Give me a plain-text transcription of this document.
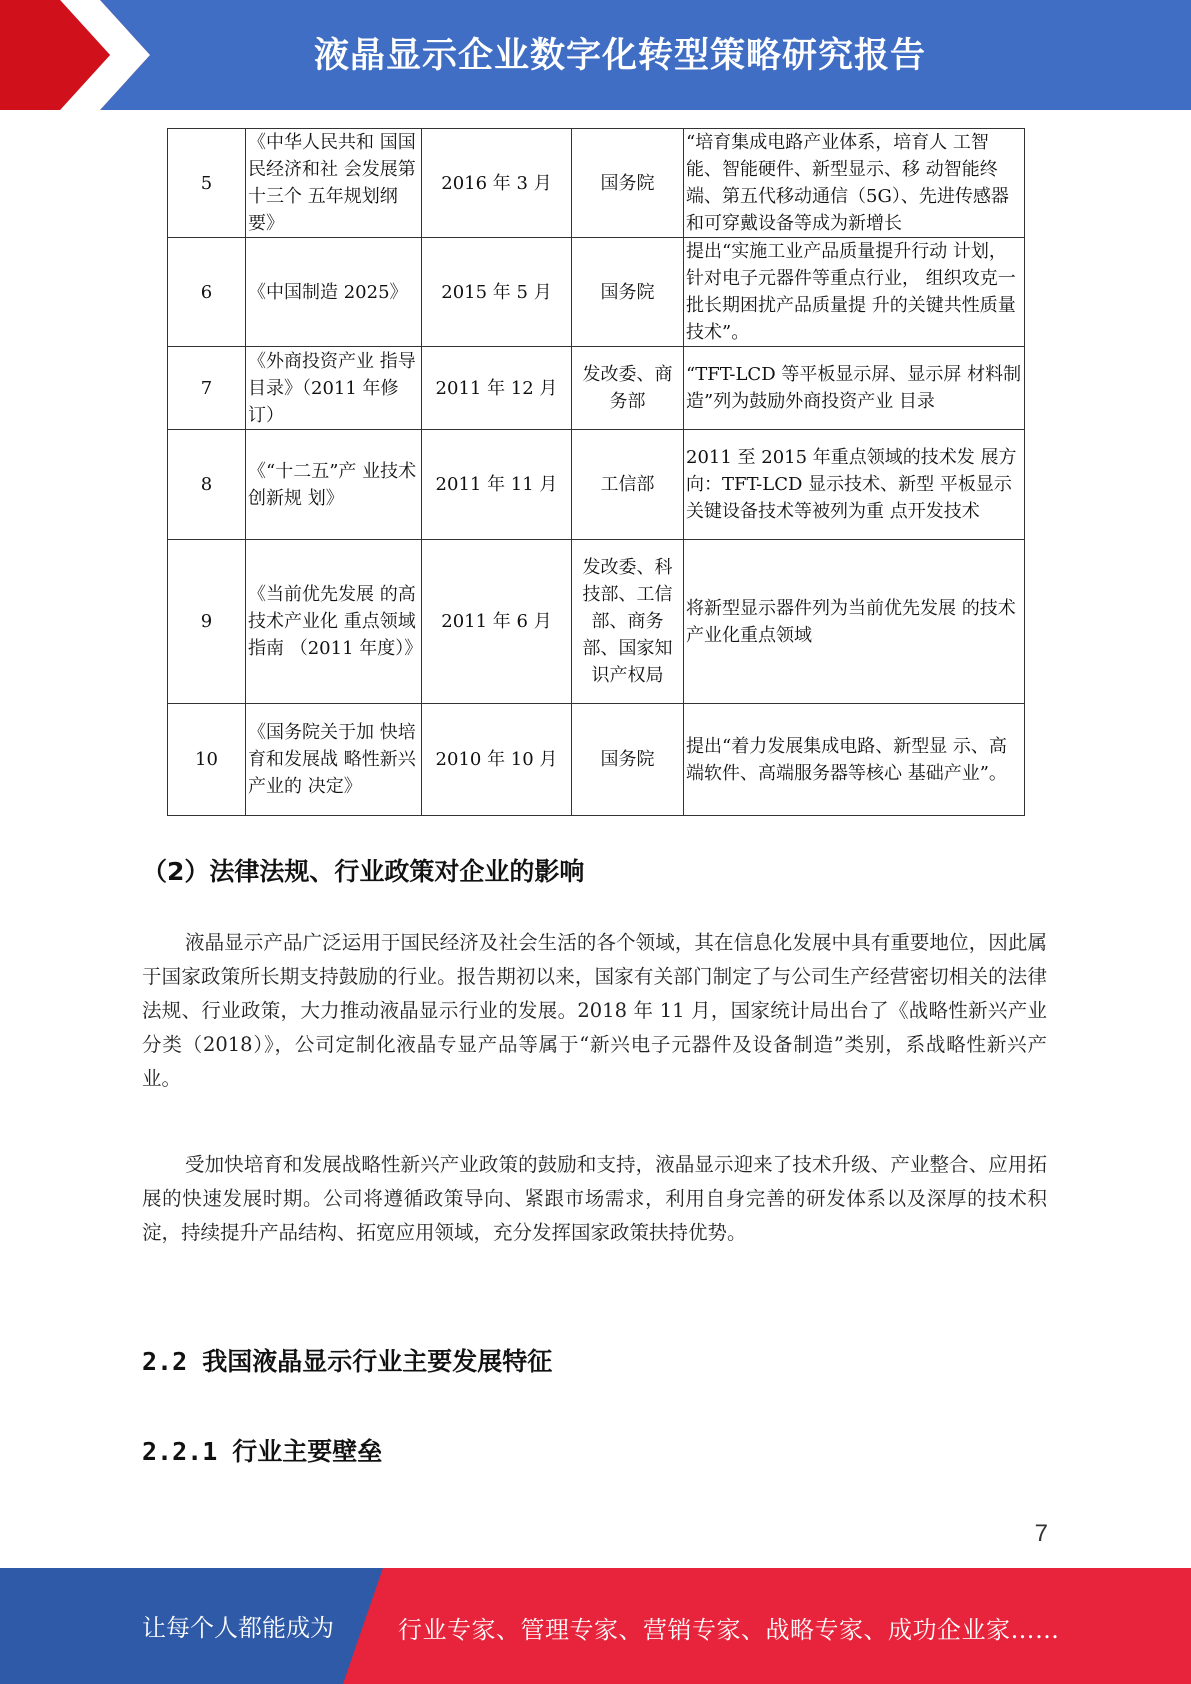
液晶显示企业数字化转型策略研究报告
5	《中华人民共和 国国民经济和社 会发展第十三个 五年规划纲要》	2016 年 3 月	国务院	“培育集成电路产业体系，培育人 工智能、智能硬件、新型显示、移 动智能终端、第五代移动通信（5G）、先进传感器和可穿戴设备等成为新增长
6	《中国制造 2025》	2015 年 5 月	国务院	提出“实施工业产品质量提升行动 计划，针对电子元器件等重点行业， 组织攻克一批长期困扰产品质量提 升的关键共性质量技术”。
7	《外商投资产业 指导目录》（2011 年修订）	2011 年 12 月	发改委、商务部	“TFT-LCD 等平板显示屏、显示屏 材料制造”列为鼓励外商投资产业 目录
8	《“十二五”产 业技术创新规 划》	2011 年 11 月	工信部	2011 至 2015 年重点领域的技术发 展方向：TFT-LCD 显示技术、新型 平板显示关键设备技术等被列为重 点开发技术
9	《当前优先发展 的高技术产业化 重点领域指南 （2011 年度）》	2011 年 6 月	发改委、科技部、工信部、商务部、国家知识产权局	将新型显示器件列为当前优先发展 的技术产业化重点领域
10	《国务院关于加 快培育和发展战 略性新兴产业的 决定》	2010 年 10 月	国务院	提出“着力发展集成电路、新型显 示、高端软件、高端服务器等核心 基础产业”。
（2）法律法规、行业政策对企业的影响
液晶显示产品广泛运用于国民经济及社会生活的各个领域，其在信息化发展中具有重要地位，因此属于国家政策所长期支持鼓励的行业。报告期初以来，国家有关部门制定了与公司生产经营密切相关的法律法规、行业政策，大力推动液晶显示行业的发展。2018 年 11 月，国家统计局出台了《战略性新兴产业分类（2018）》，公司定制化液晶专显产品等属于“新兴电子元器件及设备制造”类别，系战略性新兴产业。
受加快培育和发展战略性新兴产业政策的鼓励和支持，液晶显示迎来了技术升级、产业整合、应用拓展的快速发展时期。公司将遵循政策导向、紧跟市场需求，利用自身完善的研发体系以及深厚的技术积淀，持续提升产品结构、拓宽应用领域，充分发挥国家政策扶持优势。
2.2 我国液晶显示行业主要发展特征
2.2.1 行业主要壁垒
7
让每个人都能成为	行业专家、管理专家、营销专家、战略专家、成功企业家……
